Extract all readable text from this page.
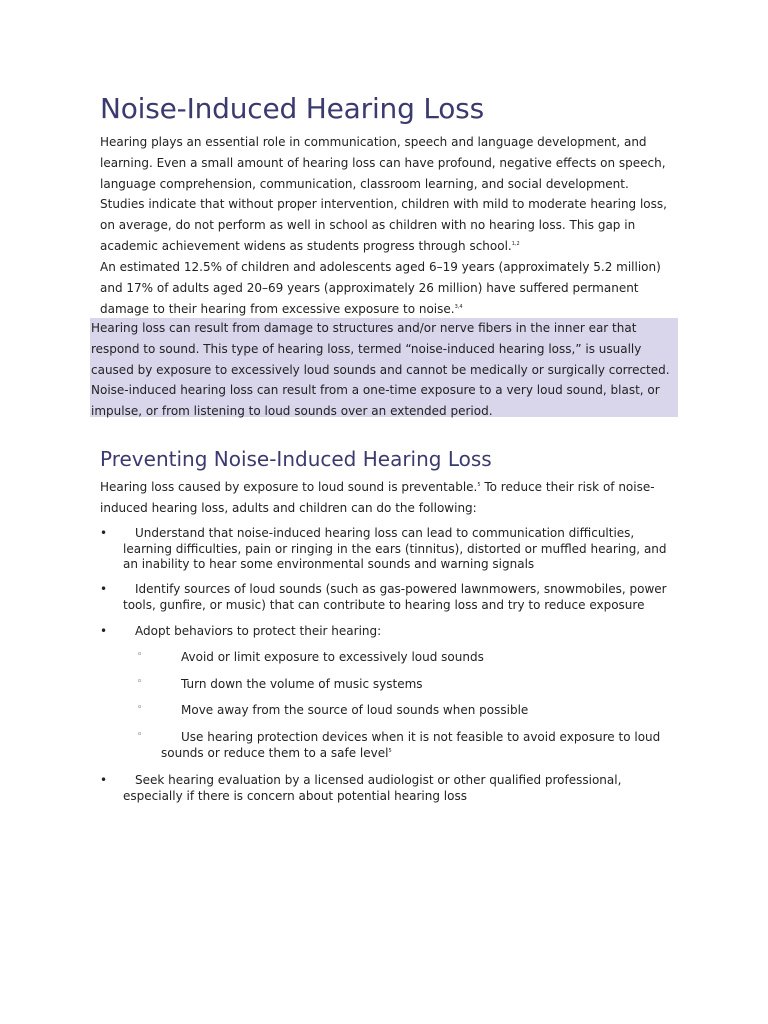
Noise-Induced Hearing Loss

Hearing plays an essential role in communication, speech and language development, and learning. Even a small amount of hearing loss can have profound, negative effects on speech, language comprehension, communication, classroom learning, and social development. Studies indicate that without proper intervention, children with mild to moderate hearing loss, on average, do not perform as well in school as children with no hearing loss. This gap in academic achievement widens as students progress through school.$^{1,2}$

An estimated 12.5% of children and adolescents aged 6–19 years (approximately 5.2 million) and 17% of adults aged 20–69 years (approximately 26 million) have suffered permanent damage to their hearing from excessive exposure to noise.$^{3,4}$

Hearing loss can result from damage to structures and/or nerve fibers in the inner ear that respond to sound. This type of hearing loss, termed “noise-induced hearing loss,” is usually caused by exposure to excessively loud sounds and cannot be medically or surgically corrected. Noise-induced hearing loss can result from a one-time exposure to a very loud sound, blast, or impulse, or from listening to loud sounds over an extended period.

Preventing Noise-Induced Hearing Loss

Hearing loss caused by exposure to loud sound is preventable.$^5$ To reduce their risk of noise-induced hearing loss, adults and children can do the following:

•	Understand that noise-induced hearing loss can lead to communication difficulties, learning difficulties, pain or ringing in the ears (tinnitus), distorted or muffled hearing, and an inability to hear some environmental sounds and warning signals
•	Identify sources of loud sounds (such as gas-powered lawnmowers, snowmobiles, power tools, gunfire, or music) that can contribute to hearing loss and try to reduce exposure
•	Adopt behaviors to protect their hearing:
◦	Avoid or limit exposure to excessively loud sounds
◦	Turn down the volume of music systems
◦	Move away from the source of loud sounds when possible
◦	Use hearing protection devices when it is not feasible to avoid exposure to loud sounds or reduce them to a safe level$^5$
•	Seek hearing evaluation by a licensed audiologist or other qualified professional, especially if there is concern about potential hearing loss
